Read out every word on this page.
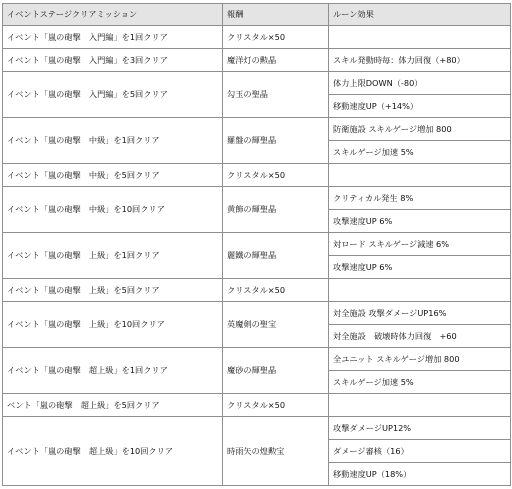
イベントステージクリアミッション	報酬	ルーン効果
イベント「嵐の砲撃　入門編」を1回クリア	クリスタル×50	
イベント「嵐の砲撃　入門編」を3回クリア	魔洋灯の勲晶	スキル発動時毎：体力回復（+80）
イベント「嵐の砲撃　入門編」を5回クリア	勾玉の聖晶	体力上限DOWN（-80）
		移動速度UP（+14%）
イベント「嵐の砲撃　中級」を1回クリア	羅盤の輝聖晶	防衛施設 スキルゲージ増加 800
		スキルゲージ加速 5%
イベント「嵐の砲撃　中級」を5回クリア	クリスタル×50	
イベント「嵐の砲撃　中級」を10回クリア	黄飾の輝聖晶	クリティカル発生 8%
		攻撃速度UP 6%
イベント「嵐の砲撃　上級」を1回クリア	麗鐵の輝聖晶	対ロード スキルゲージ減速 6%
		攻撃速度UP 6%
イベント「嵐の砲撃　上級」を5回クリア	クリスタル×50	
イベント「嵐の砲撃　上級」を10回クリア	英魔剣の聖宝	対全施設 攻撃ダメージUP16%
		対全施設　破壊時体力回復　+60
イベント「嵐の砲撃　超上級」を1回クリア	魔砂の輝聖晶	全ユニット スキルゲージ増加 800
		スキルゲージ加速 5%
ベント「嵐の砲撃　超上級」を5回クリア	クリスタル×50	
イベント「嵐の砲撃　超上級」を10回クリア	時雨矢の煌勲宝	攻撃ダメージUP12%
		ダメージ審核（16）
		移動速度UP（18%）
